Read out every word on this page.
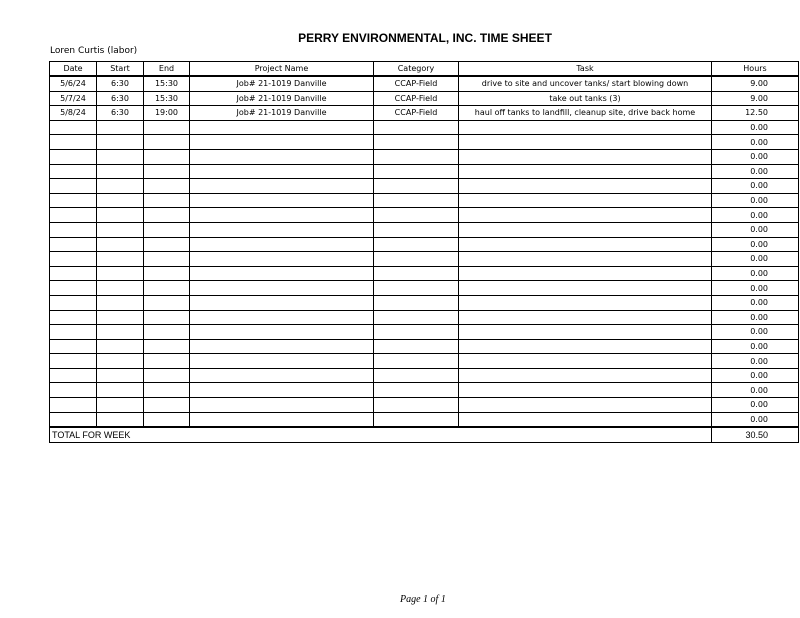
PERRY ENVIRONMENTAL, INC. TIME SHEET
Loren Curtis (labor)
Date	Start	End	Project Name	Category	Task	Hours
5/6/24	6:30	15:30	Job# 21-1019 Danville	CCAP-Field	drive to site and uncover tanks/ start blowing down	9.00
5/7/24	6:30	15:30	Job# 21-1019 Danville	CCAP-Field	take out tanks (3)	9.00
5/8/24	6:30	19:00	Job# 21-1019 Danville	CCAP-Field	haul off tanks to landfill, cleanup site, drive back home	12.50
						0.00
						0.00
						0.00
						0.00
						0.00
						0.00
						0.00
						0.00
						0.00
						0.00
						0.00
						0.00
						0.00
						0.00
						0.00
						0.00
						0.00
						0.00
						0.00
						0.00
						0.00
TOTAL FOR WEEK						30.50
Page 1 of 1
